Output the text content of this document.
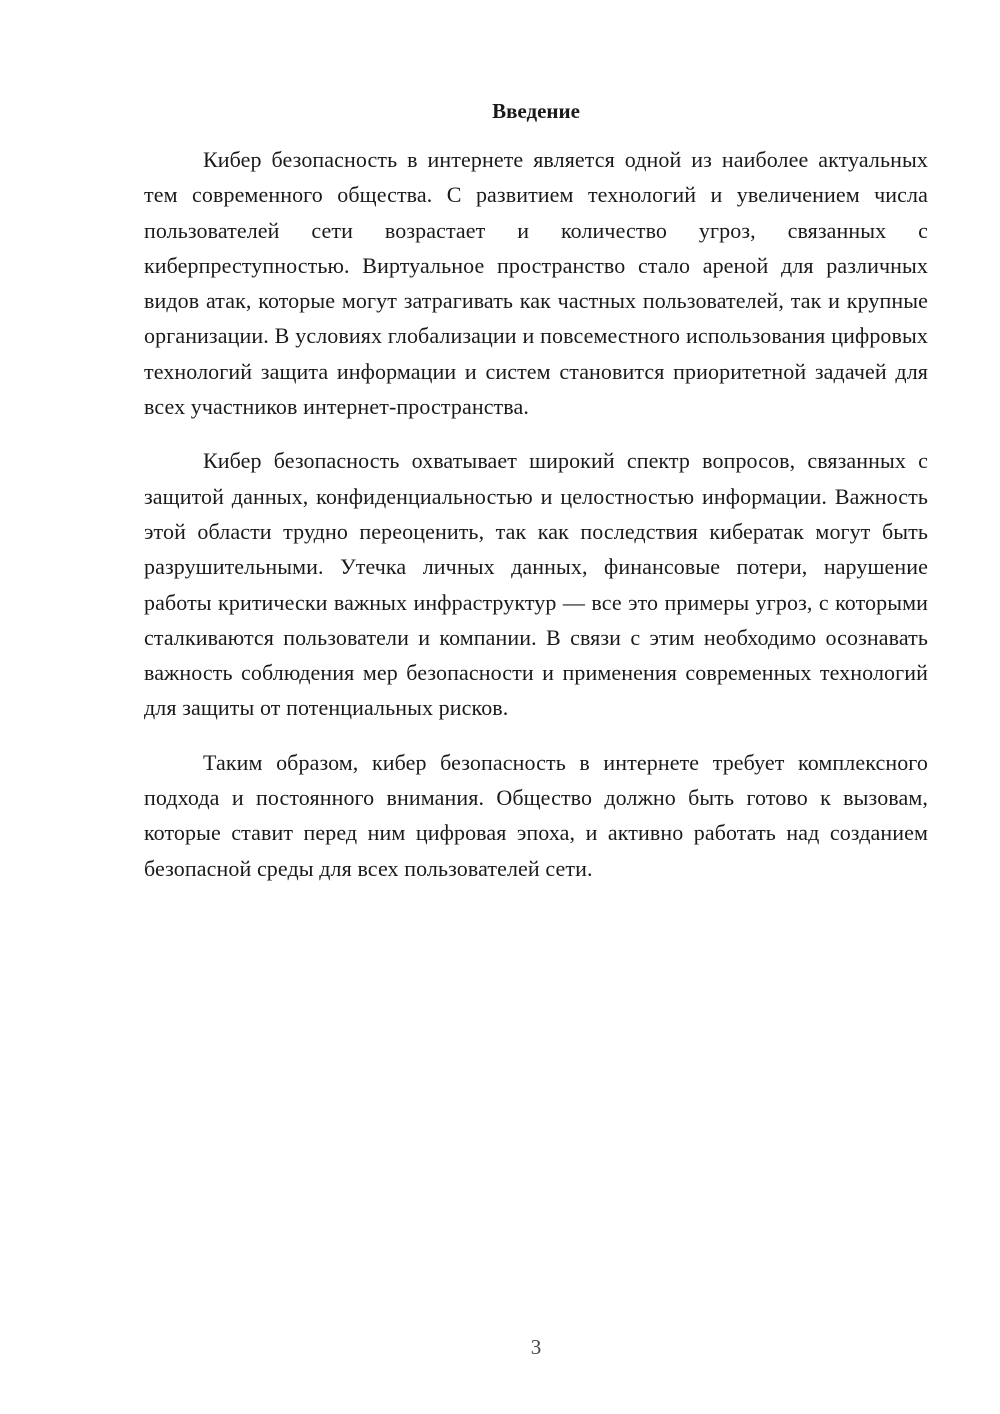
Введение

Кибер безопасность в интернете является одной из наиболее актуальных тем современного общества. С развитием технологий и увеличением числа пользователей сети возрастает и количество угроз, связанных с киберпреступностью. Виртуальное пространство стало ареной для различных видов атак, которые могут затрагивать как частных пользователей, так и крупные организации. В условиях глобализации и повсеместного использования цифровых технологий защита информации и систем становится приоритетной задачей для всех участников интернет-пространства.

Кибер безопасность охватывает широкий спектр вопросов, связанных с защитой данных, конфиденциальностью и целостностью информации. Важность этой области трудно переоценить, так как последствия кибератак могут быть разрушительными. Утечка личных данных, финансовые потери, нарушение работы критически важных инфраструктур — все это примеры угроз, с которыми сталкиваются пользователи и компании. В связи с этим необходимо осознавать важность соблюдения мер безопасности и применения современных технологий для защиты от потенциальных рисков.

Таким образом, кибер безопасность в интернете требует комплексного подхода и постоянного внимания. Общество должно быть готово к вызовам, которые ставит перед ним цифровая эпоха, и активно работать над созданием безопасной среды для всех пользователей сети.

3
